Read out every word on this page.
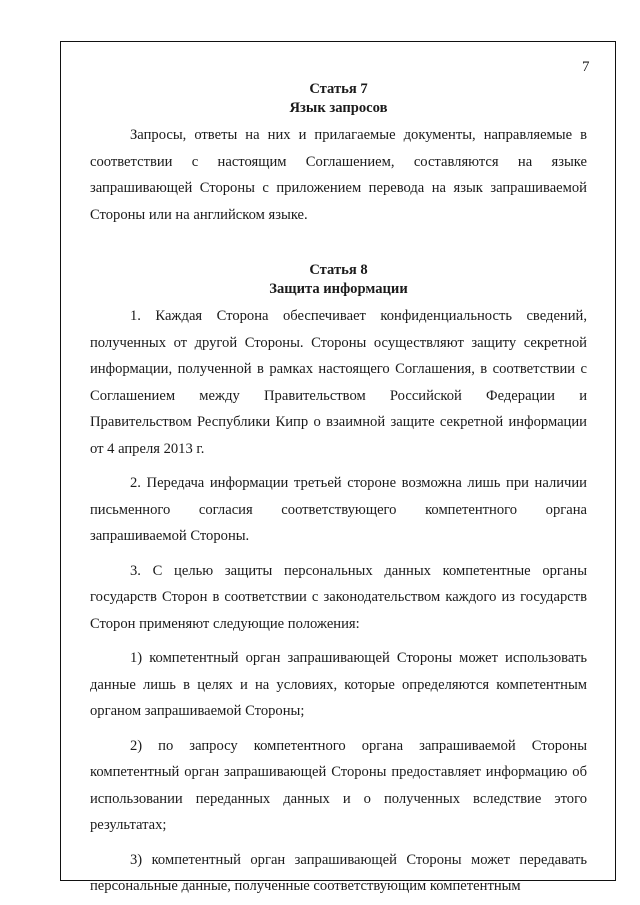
7

Статья 7

Язык запросов

Запросы, ответы на них и прилагаемые документы, направляемые в соответствии с настоящим Соглашением, составляются на языке запрашивающей Стороны с приложением перевода на язык запрашиваемой Стороны или на английском языке.

Статья 8

Защита информации

1. Каждая Сторона обеспечивает конфиденциальность сведений, полученных от другой Стороны. Стороны осуществляют защиту секретной информации, полученной в рамках настоящего Соглашения, в соответствии с Соглашением между Правительством Российской Федерации и Правительством Республики Кипр о взаимной защите секретной информации от 4 апреля 2013 г.

2. Передача информации третьей стороне возможна лишь при наличии письменного согласия соответствующего компетентного органа запрашиваемой Стороны.

3. С целью защиты персональных данных компетентные органы государств Сторон в соответствии с законодательством каждого из государств Сторон применяют следующие положения:

1) компетентный орган запрашивающей Стороны может использовать данные лишь в целях и на условиях, которые определяются компетентным органом запрашиваемой Стороны;

2) по запросу компетентного органа запрашиваемой Стороны компетентный орган запрашивающей Стороны предоставляет информацию об использовании переданных данных и о полученных вследствие этого результатах;

3) компетентный орган запрашивающей Стороны может передавать персональные данные, полученные соответствующим компетентным
